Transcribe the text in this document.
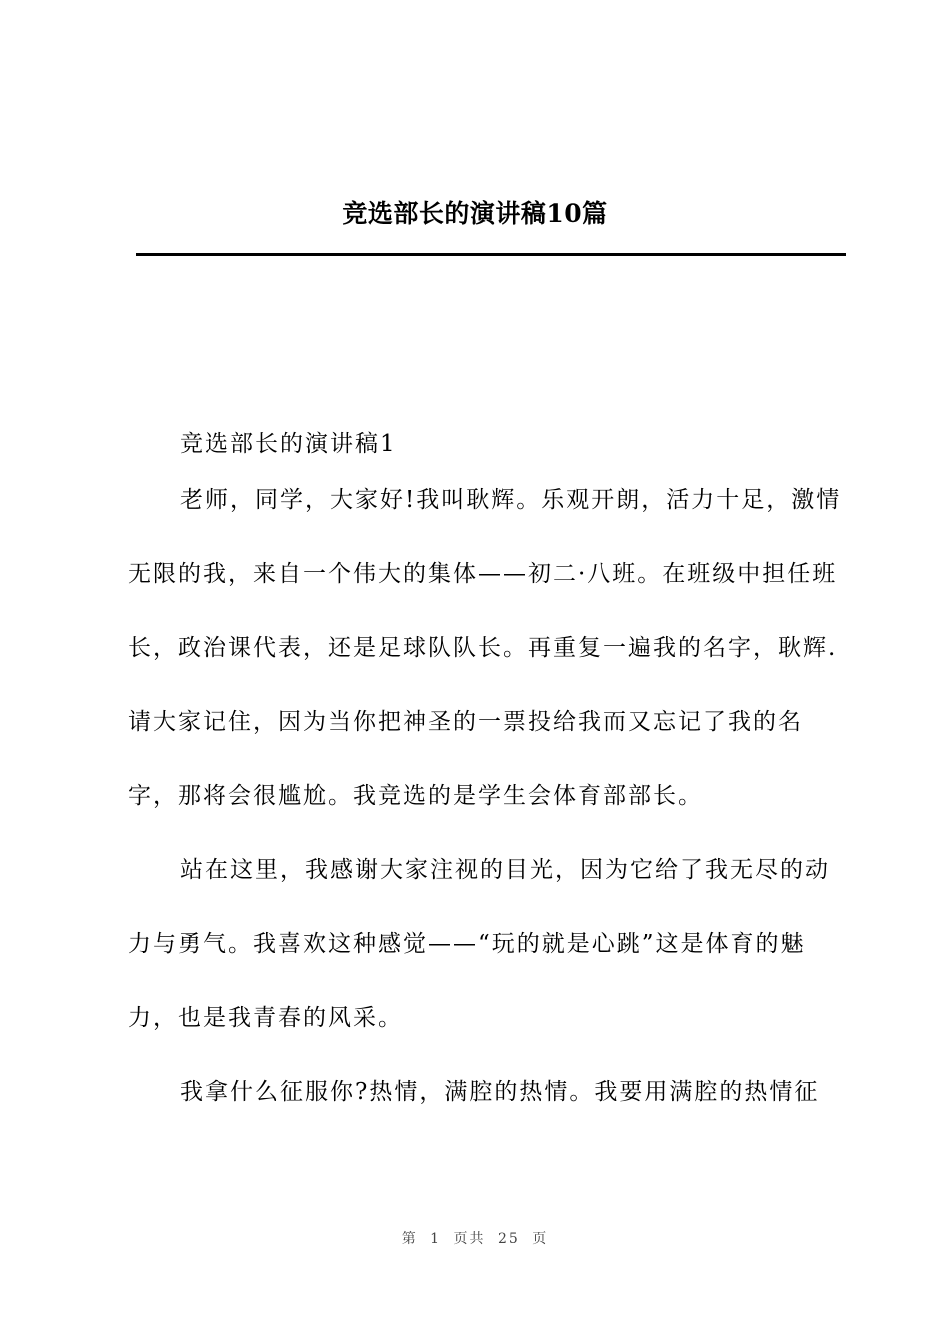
竞选部长的演讲稿10篇

竞选部长的演讲稿1

老师，同学，大家好!我叫耿辉。乐观开朗，活力十足，激情无限的我，来自一个伟大的集体——初二·八班。在班级中担任班长，政治课代表，还是足球队队长。再重复一遍我的名字，耿辉.请大家记住，因为当你把神圣的一票投给我而又忘记了我的名字，那将会很尴尬。我竞选的是学生会体育部部长。

站在这里，我感谢大家注视的目光，因为它给了我无尽的动力与勇气。我喜欢这种感觉——“玩的就是心跳”这是体育的魅力，也是我青春的风采。

我拿什么征服你?热情，满腔的热情。我要用满腔的热情征

第 1 页共 25 页
